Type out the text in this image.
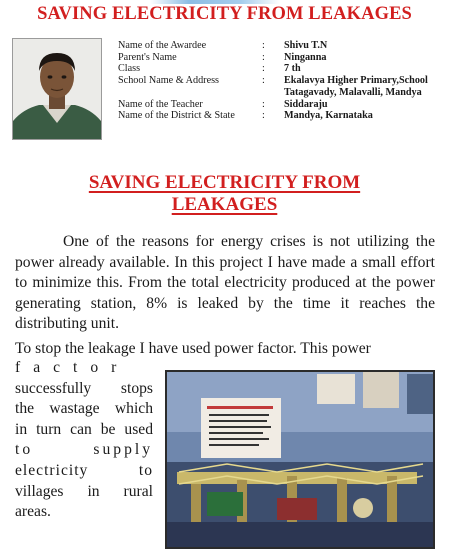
SAVING ELECTRICITY FROM LEAKAGES
Name of the Awardee	:	Shivu T.N
Parent's Name	:	Ninganna
Class	:	7 th
School Name & Address	:	Ekalavya Higher Primary,School Tatagavady, Malavalli, Mandya
Name of the Teacher	:	Siddaraju
Name of the District & State	:	Mandya, Karnataka
SAVING ELECTRICITY FROM
LEAKAGES

One of the reasons for energy crises is not utilizing the power already available. In this project I have made a small effort to minimize this. From the total electricity produced at the power generating station, 8% is leaked by the time it reaches the distributing unit.

To stop the leakage I have used power factor. This power

factor
successfully stops
the wastage which
in turn can be used
to supply
electricity to
villages in rural
areas.
